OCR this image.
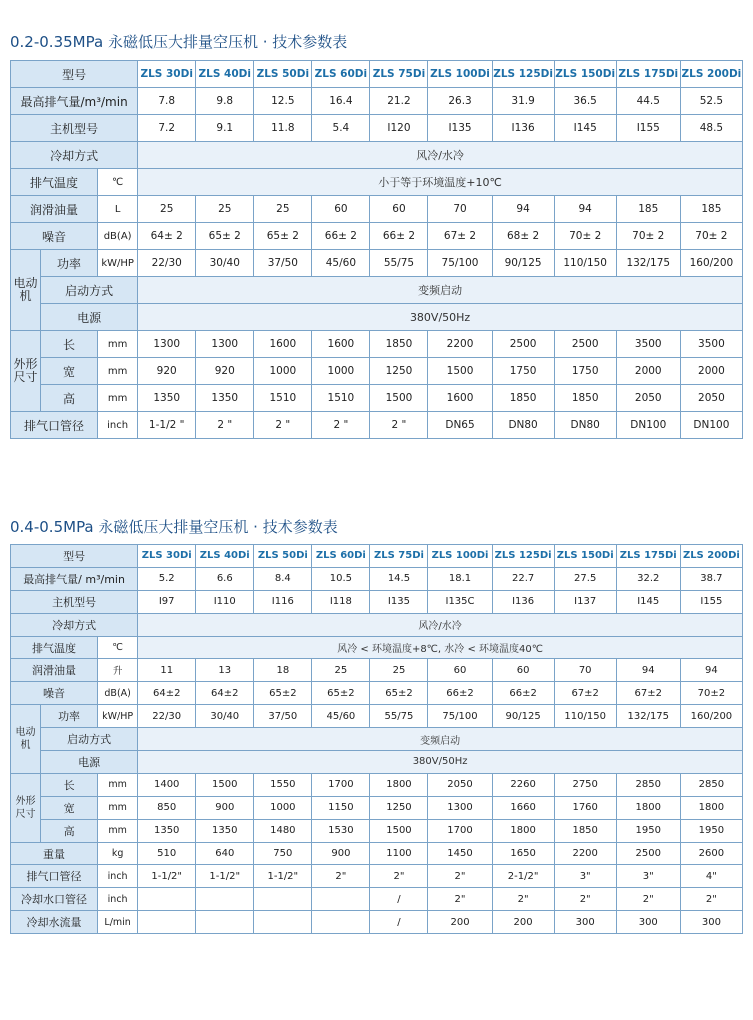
0.2-0.35MPa 永磁低压大排量空压机 · 技术参数表
型号			ZLS 30Di	ZLS 40Di	ZLS 50Di	ZLS 60Di	ZLS 75Di	ZLS 100Di	ZLS 125Di	ZLS 150Di	ZLS 175Di	ZLS 200Di
最高排气量/m³/min			7.8	9.8	12.5	16.4	21.2	26.3	31.9	36.5	44.5	52.5
主机型号			7.2	9.1	11.8	5.4	I120	I135	I136	I145	I155	48.5
冷却方式			风冷/水冷									
排气温度		℃	小于等于环境温度+10℃									
润滑油量		L	25	25	25	60	60	70	94	94	185	185
噪音		dB(A)	64± 2	65± 2	65± 2	66± 2	66± 2	67± 2	68± 2	70± 2	70± 2	70± 2
电动机	功率	kW/HP	22/30	30/40	37/50	45/60	55/75	75/100	90/125	110/150	132/175	160/200
	启动方式		变频启动									
	电源		380V/50Hz									
外形尺寸	长	mm	1300	1300	1600	1600	1850	2200	2500	2500	3500	3500
	宽	mm	920	920	1000	1000	1250	1500	1750	1750	2000	2000
	高	mm	1350	1350	1510	1510	1500	1600	1850	1850	2050	2050
排气口管径		inch	1-1/2 "	2 "	2 "	2 "	2 "	DN65	DN80	DN80	DN100	DN100
0.4-0.5MPa 永磁低压大排量空压机 · 技术参数表
型号			ZLS 30Di	ZLS 40Di	ZLS 50Di	ZLS 60Di	ZLS 75Di	ZLS 100Di	ZLS 125Di	ZLS 150Di	ZLS 175Di	ZLS 200Di
最高排气量/ m³/min			5.2	6.6	8.4	10.5	14.5	18.1	22.7	27.5	32.2	38.7
主机型号			I97	I110	I116	I118	I135	I135C	I136	I137	I145	I155
冷却方式			风冷/水冷									
排气温度		℃	风冷 < 环境温度+8℃, 水冷 < 环境温度40℃									
润滑油量		升	11	13	18	25	25	60	60	70	94	94
噪音		dB(A)	64±2	64±2	65±2	65±2	65±2	66±2	66±2	67±2	67±2	70±2
电动机	功率	kW/HP	22/30	30/40	37/50	45/60	55/75	75/100	90/125	110/150	132/175	160/200
	启动方式		变频启动									
	电源		380V/50Hz									
外形尺寸	长	mm	1400	1500	1550	1700	1800	2050	2260	2750	2850	2850
	宽	mm	850	900	1000	1150	1250	1300	1660	1760	1800	1800
	高	mm	1350	1350	1480	1530	1500	1700	1800	1850	1950	1950
重量		kg	510	640	750	900	1100	1450	1650	2200	2500	2600
排气口管径		inch	1-1/2"	1-1/2"	1-1/2"	2"	2"	2"	2-1/2"	3"	3"	4"
冷却水口管径		inch					/	2"	2"	2"	2"	2"
冷却水流量		L/min					/	200	200	300	300	300
